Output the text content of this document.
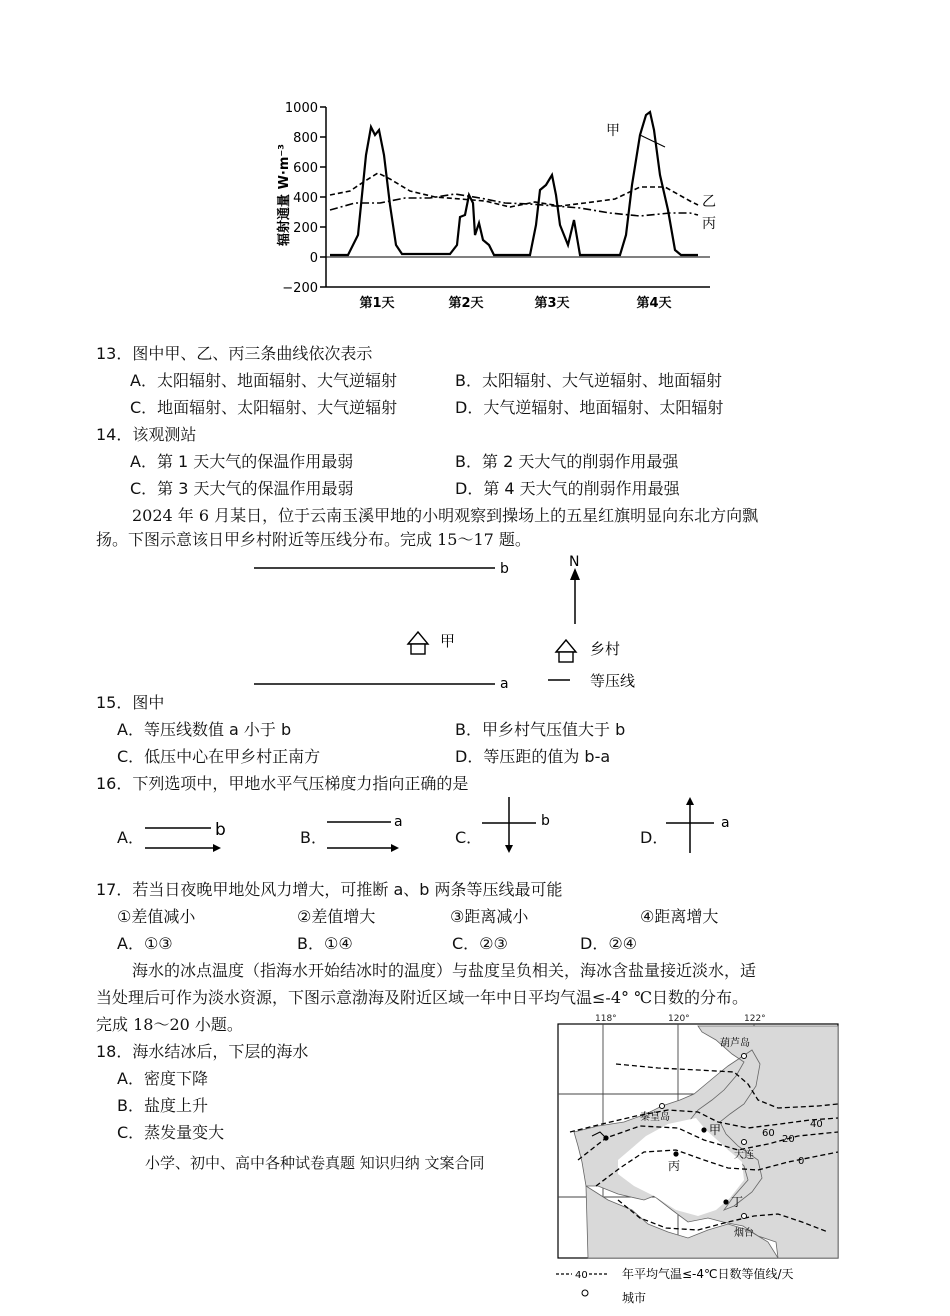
1000
800
600
400
200
0
−200
辐射通量 W·m⁻³
第1天	第2天	第3天	第4天
甲
乙
丙
13．图中甲、乙、丙三条曲线依次表示
A．太阳辐射、地面辐射、大气逆辐射	B．太阳辐射、大气逆辐射、地面辐射
C．地面辐射、太阳辐射、大气逆辐射	D．大气逆辐射、地面辐射、太阳辐射
14．该观测站
A．第 1 天大气的保温作用最弱	B．第 2 天大气的削弱作用最强
C．第 3 天大气的保温作用最弱	D．第 4 天大气的削弱作用最强
2024 年 6 月某日，位于云南玉溪甲地的小明观察到操场上的五星红旗明显向东北方向飘
扬。下图示意该日甲乡村附近等压线分布。完成 15～17 题。
b
a
甲
N
乡村
等压线
15．图中
A．等压线数值 a 小于 b	B．甲乡村气压值大于 b
C．低压中心在甲乡村正南方	D．等压距的值为 b-a
16．下列选项中，甲地水平气压梯度力指向正确的是
A．	b	B．
a
C．
b
D．
a
17．若当日夜晚甲地处风力增大，可推断 a、b 两条等压线最可能
①差值减小	②差值增大	③距离减小	④距离增大
A．①③	B．①④	C．②③	D．②④
海水的冰点温度（指海水开始结冰时的温度）与盐度呈负相关，海冰含盐量接近淡水，适
当处理后可作为淡水资源，下图示意渤海及附近区域一年中日平均气温≤-4° ℃日数的分布。
完成 18～20 小题。
18．海水结冰后，下层的海水
A．密度下降
B．盐度上升
C．蒸发量变大
小学、初中、高中各种试卷真题 知识归纳 文案合同
118°	120°	122°
60
40
20
0
葫芦岛
秦皇岛
大连
烟台
甲
丙
丁
40	年平均气温≤-4℃日数等值线/天
城市
